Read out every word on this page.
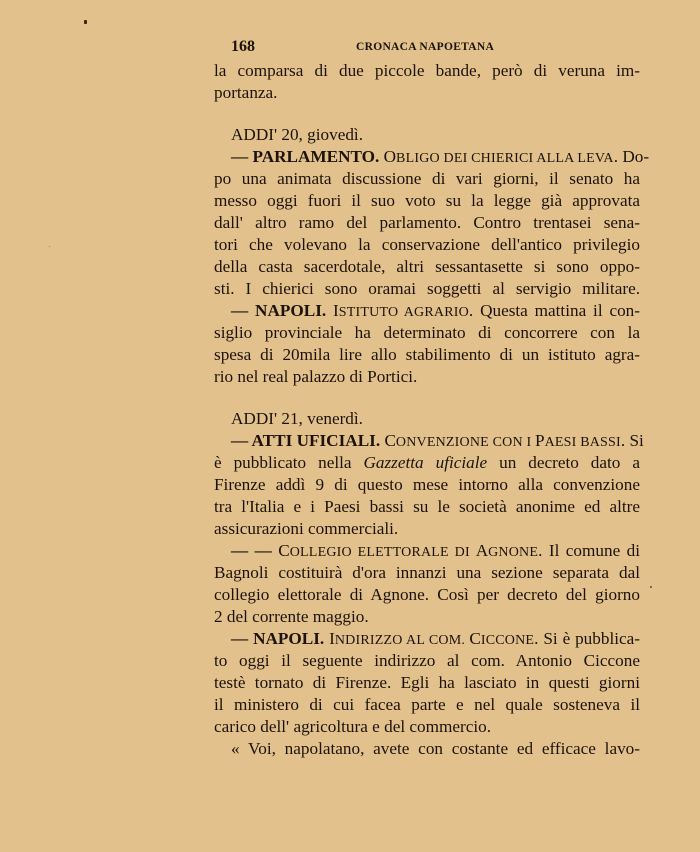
168	CRONACA NAPOETANA
la comparsa di due piccole bande, però di veruna im-
portanza.
ADDI' 20, giovedì.
— PARLAMENTO. OBLIGO DEI CHIERICI ALLA LEVA. Do-
po una animata discussione di vari giorni, il senato ha
messo oggi fuori il suo voto su la legge già approvata
dall' altro ramo del parlamento. Contro trentasei sena-
tori che volevano la conservazione dell'antico privilegio
della casta sacerdotale, altri sessantasette si sono oppo-
sti. I chierici sono oramai soggetti al servigio militare.
— NAPOLI. ISTITUTO AGRARIO. Questa mattina il con-
siglio provinciale ha determinato di concorrere con la
spesa di 20mila lire allo stabilimento di un istituto agra-
rio nel real palazzo di Portici.
ADDI' 21, venerdì.
— ATTI UFICIALI. CONVENZIONE CON I PAESI BASSI. Si
è pubblicato nella Gazzetta uficiale un decreto dato a
Firenze addì 9 di questo mese intorno alla convenzione
tra l'Italia e i Paesi bassi su le società anonime ed altre
assicurazioni commerciali.
— — COLLEGIO ELETTORALE DI AGNONE. Il comune di
Bagnoli costituirà d'ora innanzi una sezione separata dal
collegio elettorale di Agnone. Così per decreto del giorno
2 del corrente maggio.
— NAPOLI. INDIRIZZO AL COM. CICCONE. Si è pubblica-
to oggi il seguente indirizzo al com. Antonio Ciccone
testè tornato di Firenze. Egli ha lasciato in questi giorni
il ministero di cui facea parte e nel quale sosteneva il
carico dell' agricoltura e del commercio.
« Voi, napolatano, avete con costante ed efficace lavo-
